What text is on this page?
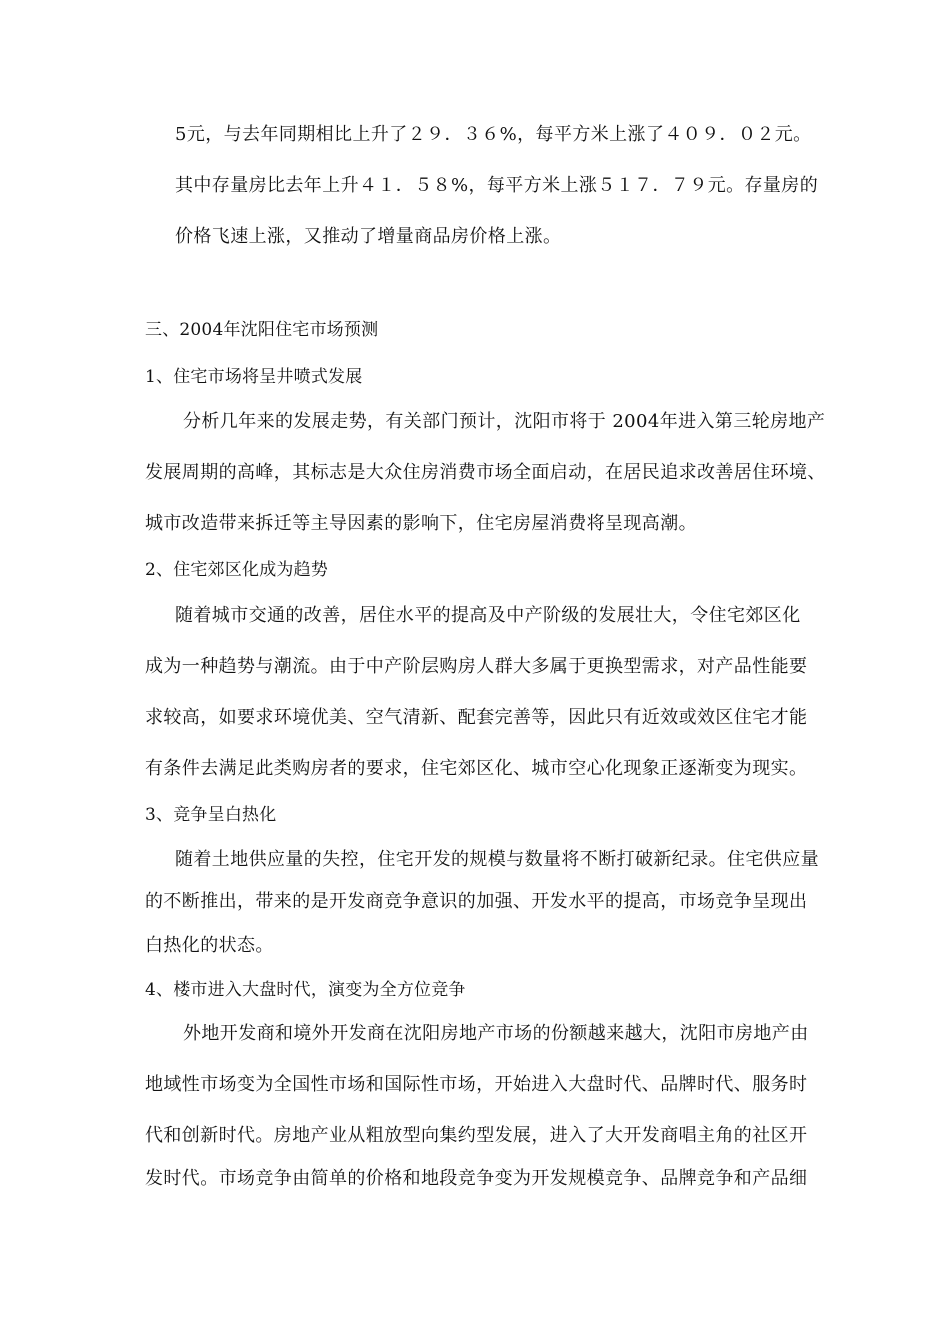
5元，与去年同期相比上升了２９．３６%，每平方米上涨了４０９．０２元。
其中存量房比去年上升４１．５８%，每平方米上涨５１７．７９元。存量房的
价格飞速上涨，又推动了增量商品房价格上涨。
三、2004年沈阳住宅市场预测
1、住宅市场将呈井喷式发展
分析几年来的发展走势，有关部门预计，沈阳市将于 2004年进入第三轮房地产
发展周期的高峰，其标志是大众住房消费市场全面启动，在居民追求改善居住环境、
城市改造带来拆迁等主导因素的影响下，住宅房屋消费将呈现高潮。
2、住宅郊区化成为趋势
随着城市交通的改善，居住水平的提高及中产阶级的发展壮大，令住宅郊区化
成为一种趋势与潮流。由于中产阶层购房人群大多属于更换型需求，对产品性能要
求较高，如要求环境优美、空气清新、配套完善等，因此只有近效或效区住宅才能
有条件去满足此类购房者的要求，住宅郊区化、城市空心化现象正逐渐变为现实。
3、竞争呈白热化
随着土地供应量的失控，住宅开发的规模与数量将不断打破新纪录。住宅供应量
的不断推出，带来的是开发商竞争意识的加强、开发水平的提高，市场竞争呈现出
白热化的状态。
4、楼市进入大盘时代，演变为全方位竞争
外地开发商和境外开发商在沈阳房地产市场的份额越来越大，沈阳市房地产由
地域性市场变为全国性市场和国际性市场，开始进入大盘时代、品牌时代、服务时
代和创新时代。房地产业从粗放型向集约型发展，进入了大开发商唱主角的社区开
发时代。市场竞争由简单的价格和地段竞争变为开发规模竞争、品牌竞争和产品细
